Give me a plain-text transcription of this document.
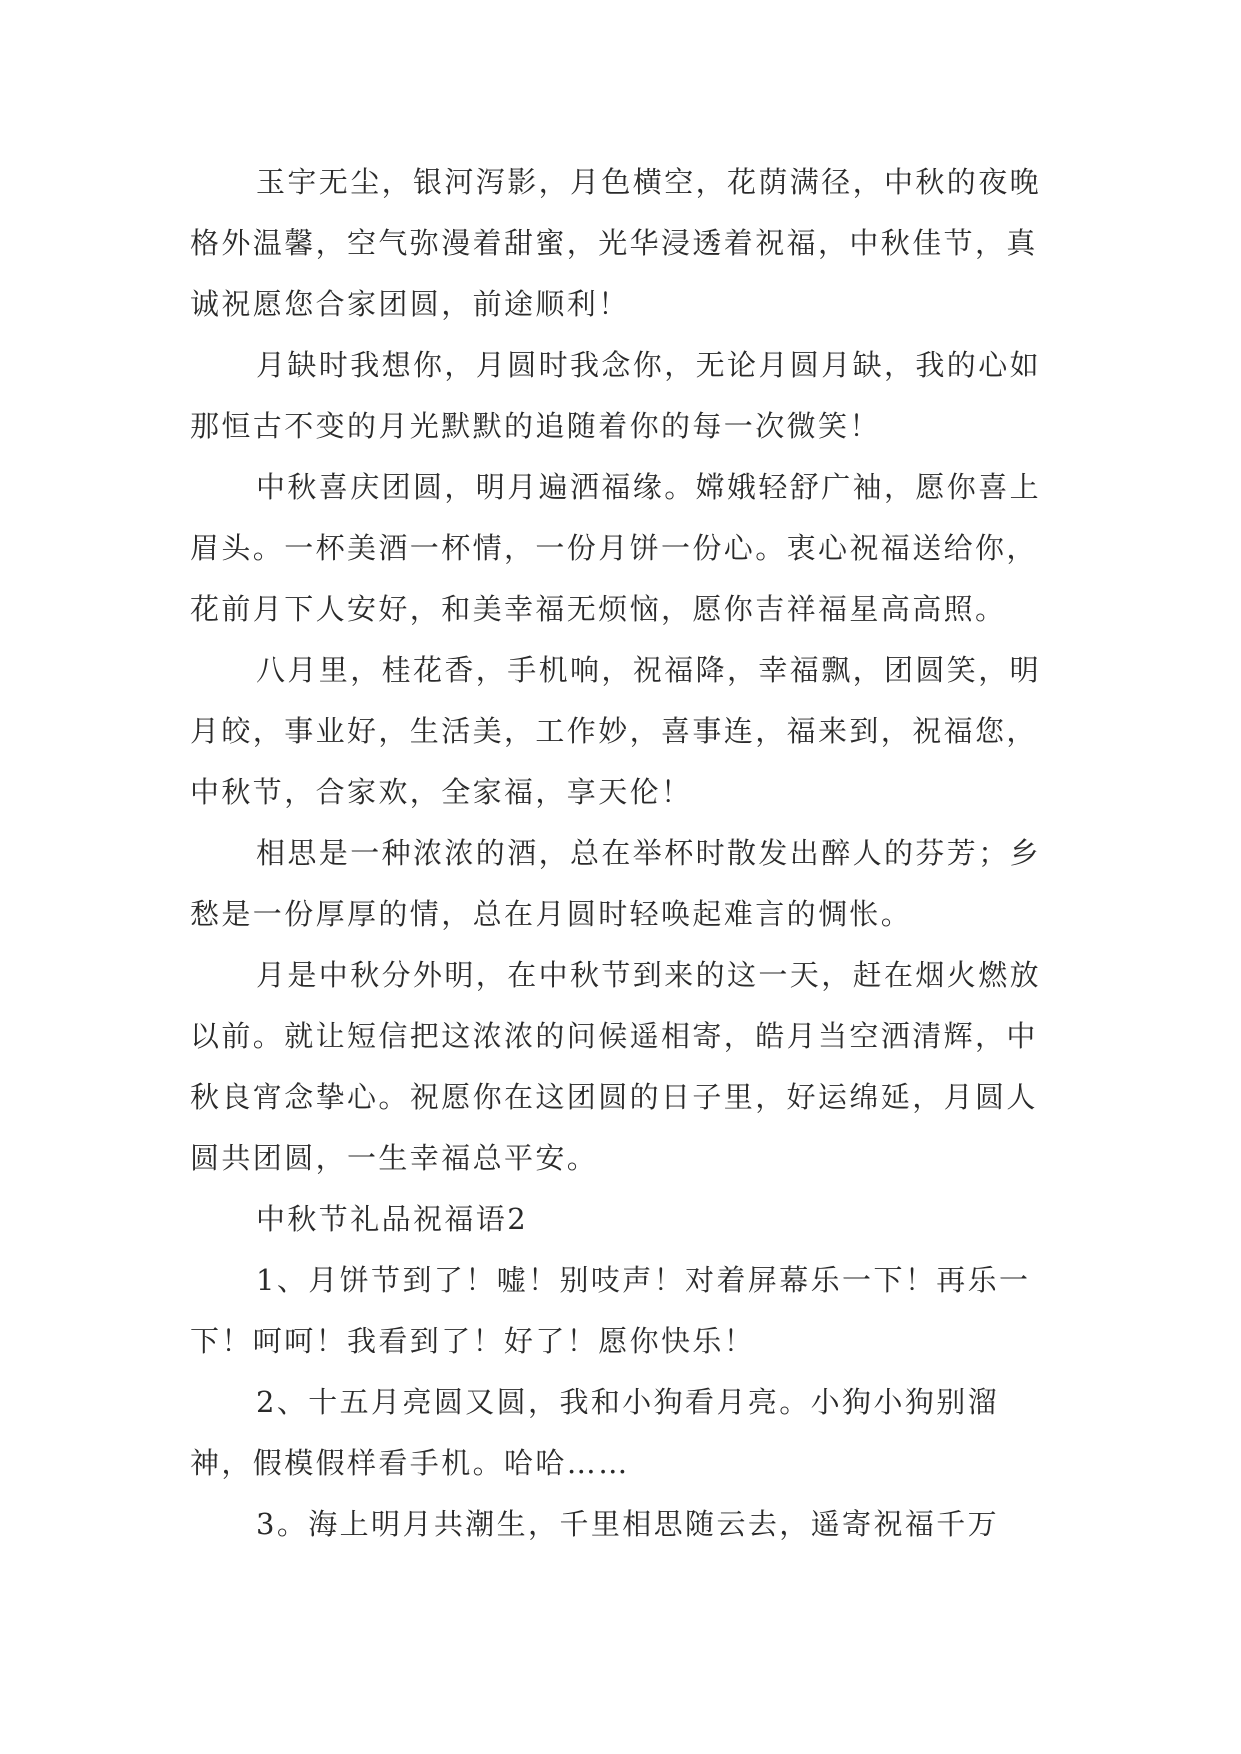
玉宇无尘，银河泻影，月色横空，花荫满径，中秋的夜晚格外温馨，空气弥漫着甜蜜，光华浸透着祝福，中秋佳节，真诚祝愿您合家团圆，前途顺利！

月缺时我想你，月圆时我念你，无论月圆月缺，我的心如那恒古不变的月光默默的追随着你的每一次微笑！

中秋喜庆团圆，明月遍洒福缘。嫦娥轻舒广袖，愿你喜上眉头。一杯美酒一杯情，一份月饼一份心。衷心祝福送给你，花前月下人安好，和美幸福无烦恼，愿你吉祥福星高高照。

八月里，桂花香，手机响，祝福降，幸福飘，团圆笑，明月皎，事业好，生活美，工作妙，喜事连，福来到，祝福您，中秋节，合家欢，全家福，享天伦！

相思是一种浓浓的酒，总在举杯时散发出醉人的芬芳；乡愁是一份厚厚的情，总在月圆时轻唤起难言的惆怅。

月是中秋分外明，在中秋节到来的这一天，赶在烟火燃放以前。就让短信把这浓浓的问候遥相寄，皓月当空洒清辉，中秋良宵念挚心。祝愿你在这团圆的日子里，好运绵延，月圆人圆共团圆，一生幸福总平安。

中秋节礼品祝福语2

1、月饼节到了！嘘！别吱声！对着屏幕乐一下！再乐一下！呵呵！我看到了！好了！愿你快乐！

2、十五月亮圆又圆，我和小狗看月亮。小狗小狗别溜神，假模假样看手机。哈哈……

3。海上明月共潮生，千里相思随云去，遥寄祝福千万
